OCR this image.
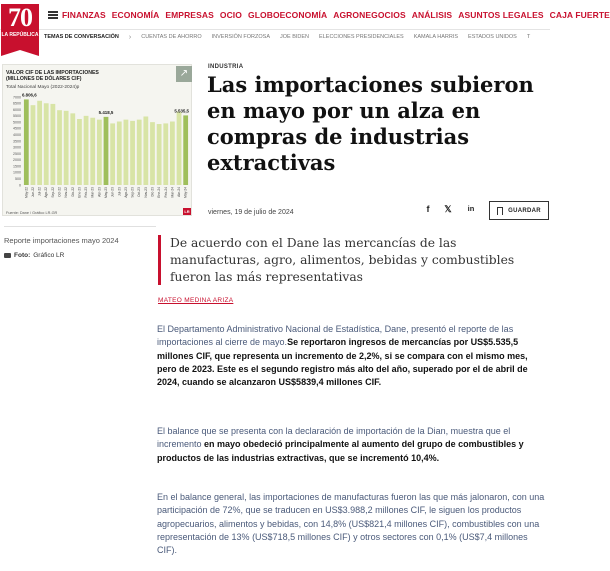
70
LA REPÚBLICA
FINANZAS ECONOMÍA EMPRESAS OCIO GLOBOECONOMÍA AGRONEGOCIOS ANÁLISIS ASUNTOS LEGALES CAJA FUERTE
TEMAS DE CONVERSACIÓN › CUENTAS DE AHORRO INVERSIÓN FORZOSA JOE BIDEN ELECCIONES PRESIDENCIALES KAMALA HARRIS ESTADOS UNIDOS T
VALOR CIF DE LAS IMPORTACIONES (MILLONES DE DÓLARES CIF)
Total Nacional Mayo (2022-2024)p
↗
0
500
1000
1500
2000
2500
3000
3500
4000
4500
5000
5500
6000
6500
7000
May-22 Jun-22 Jul-22 Ago-22 Sep-22 Oct-22 Nov-22 Dic-22 Ene-23 Feb-23 Mar-23 Abr-23 May-23 Jun-23 Jul-23 Ago-23 Sep-23 Oct-23 Nov-23 Dic-23 Ene-24 Feb-24 Mar-24 Abr-24 May-24
6.806,6
5.418,5	5.535,5
Fuente: Dane / Gráfico LR-GR	LR
INDUSTRIA
Las importaciones subieron en mayo por un alza en compras de industrias extractivas
viernes, 19 de julio de 2024	f	𝕏	in	GUARDAR
Reporte importaciones mayo 2024
Foto: Gráfico LR
De acuerdo con el Dane las mercancías de las manufacturas, agro, alimentos, bebidas y combustibles fueron las más representativas
MATEO MEDINA ARIZA

El Departamento Administrativo Nacional de Estadística, Dane, presentó el reporte de las importaciones al cierre de mayo.Se reportaron ingresos de mercancías por US$5.535,5 millones CIF, que representa un incremento de 2,2%, si se compara con el mismo mes, pero de 2023. Este es el segundo registro más alto del año, superado por el de abril de 2024, cuando se alcanzaron US$5839,4 millones CIF.

El balance que se presenta con la declaración de importación de la Dian, muestra que el incremento en mayo obedeció principalmente al aumento del grupo de combustibles y productos de las industrias extractivas, que se incrementó 10,4%.

En el balance general, las importaciones de manufacturas fueron las que más jalonaron, con una participación de 72%, que se traducen en US$3.988,2 millones CIF, le siguen los productos agropecuarios, alimentos y bebidas, con 14,8% (US$821,4 millones CIF), combustibles con una representación de 13% (US$718,5 millones CIF) y otros sectores con 0,1% (US$7,4 millones CIF).
